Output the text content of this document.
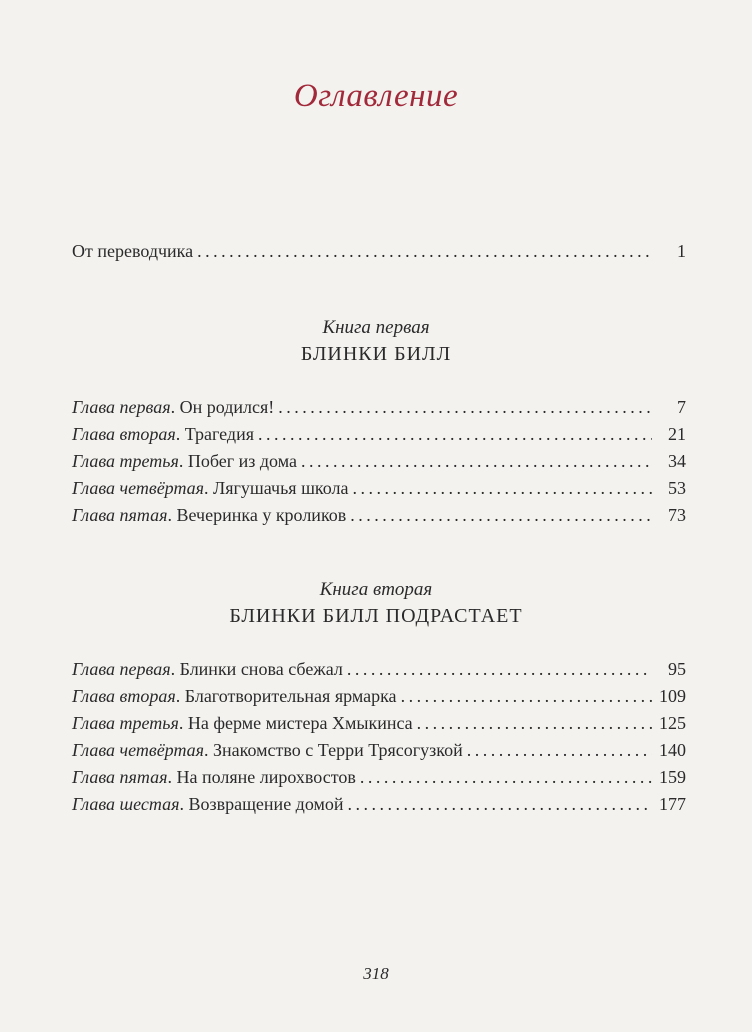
Оглавление
От переводчика . . .	1
Книга первая
БЛИНКИ БИЛЛ
Глава первая. Он родился! . . .	7
Глава вторая. Трагедия . . .	21
Глава третья. Побег из дома . . .	34
Глава четвёртая. Лягушачья школа . . .	53
Глава пятая. Вечеринка у кроликов . . .	73
Книга вторая
БЛИНКИ БИЛЛ ПОДРАСТАЕТ
Глава первая. Блинки снова сбежал . . .	95
Глава вторая. Благотворительная ярмарка . . .	109
Глава третья. На ферме мистера Хмыкинса . . .	125
Глава четвёртая. Знакомство с Терри Трясогузкой . . .	140
Глава пятая. На поляне лирохвостов . . .	159
Глава шестая. Возвращение домой . . .	177
318
